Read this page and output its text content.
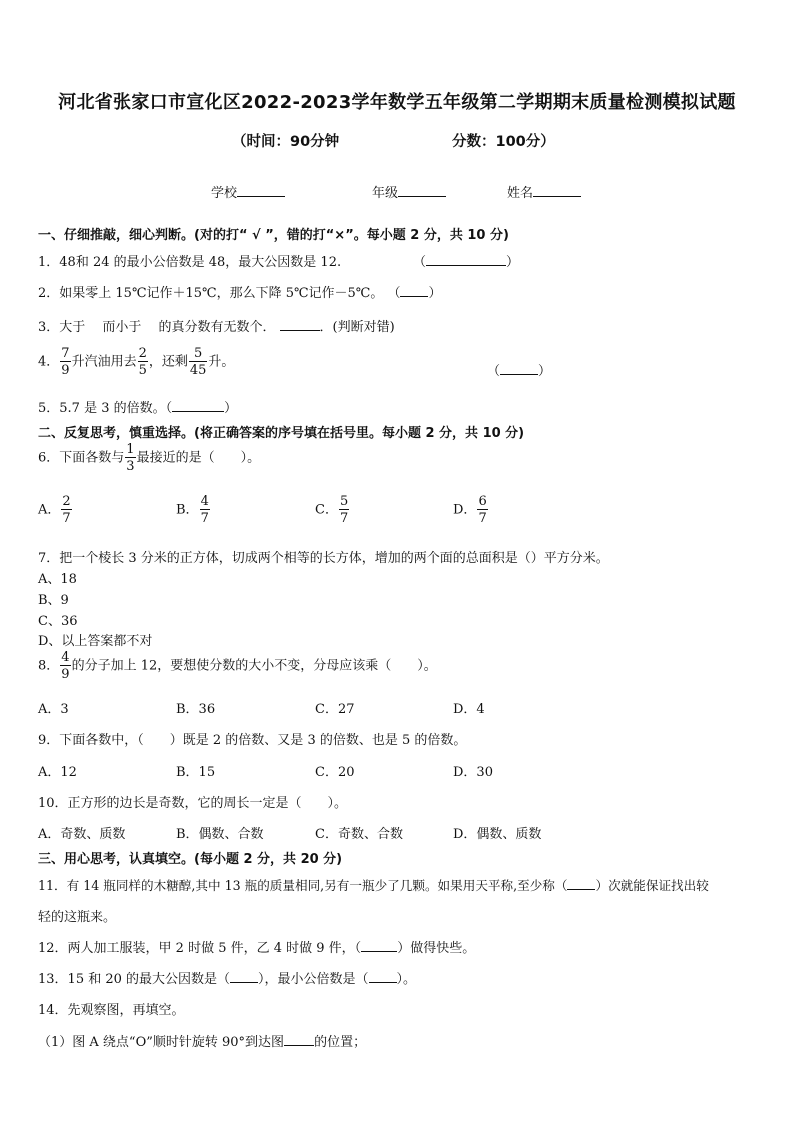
河北省张家口市宣化区2022-2023学年数学五年级第二学期期末质量检测模拟试题
（时间：90分钟	分数：100分）
学校	年级	姓名
一、仔细推敲，细心判断。(对的打“ √ ”，错的打“×”。每小题 2 分，共 10 分)
1．48和 24 的最小公倍数是 48，最大公因数是 12.	（	）
2．如果零上 15℃记作＋15℃，那么下降 5℃记作－5℃。 （ ）
3．大于 　而小于 　的真分数有无数个．	．(判断对错)
4． $\frac{7}{9}$ 升汽油用去 $\frac{2}{5}$ ，还剩 $\frac{5}{45}$ 升。
（	）
5．5.7 是 3 的倍数。（	）
二、反复思考，慎重选择。(将正确答案的序号填在括号里。每小题 2 分，共 10 分)
6．下面各数与 $\frac{1}{3}$ 最接近的是（　　）。
A． $\frac{2}{7}$	B． $\frac{4}{7}$	C． $\frac{5}{7}$	D． $\frac{6}{7}$
7．把一个棱长 3 分米的正方体，切成两个相等的长方体，增加的两个面的总面积是（）平方分米。
A、18
B、9
C、36
D、以上答案都不对
8． $\frac{4}{9}$ 的分子加上 12，要想使分数的大小不变，分母应该乘（　　）。
A．3	B．36	C．27	D．4
9．下面各数中，（　　）既是 2 的倍数、又是 3 的倍数、也是 5 的倍数。
A．12	B．15	C．20	D．30
10．正方形的边长是奇数，它的周长一定是（　　）。
A．奇数、质数	B．偶数、合数	C．奇数、合数	D．偶数、质数
三、用心思考，认真填空。(每小题 2 分，共 20 分)
11．有 14 瓶同样的木糖醇,其中 13 瓶的质量相同,另有一瓶少了几颗。如果用天平称,至少称（ ）次就能保证找出较
轻的这瓶来。
12．两人加工服装，甲 2 时做 5 件，乙 4 时做 9 件，（	）做得快些。
13．15 和 20 的最大公因数是（ ），最小公倍数是（ ）。
14．先观察图，再填空。
（1）图 A 绕点“O”顺时针旋转 90°到达图 的位置；
